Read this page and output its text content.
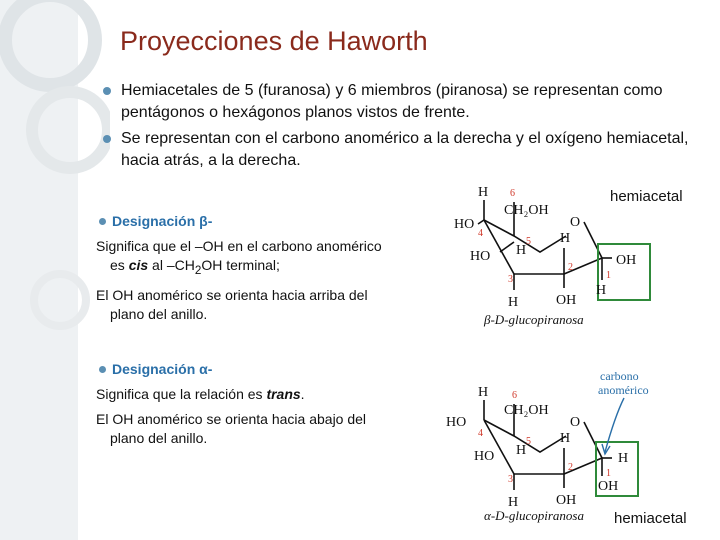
Proyecciones de Haworth
Hemiacetales de 5 (furanosa) y 6 miembros (piranosa) se representan como pentágonos o hexágonos planos vistos de frente.
Se representan con el carbono anomérico a la derecha y el oxígeno hemiacetal, hacia atrás, a la derecha.
Designación β-
Significa que el –OH en el carbono anomérico es cis al $-CH_2OH$ terminal;
El OH anomérico se orienta hacia arriba del plano del anillo.
Designación α-
Significa que la relación es trans.
El OH anomérico se orienta hacia abajo del plano del anillo.
hemiacetal
hemiacetal
H
CH₂OH
O
HO
H
H
HO
OH
H
OH
H
6
4
5
3
2
1
β-D-glucopiranosa
carbono
anomérico
H
CH₂OH
O
HO
H
H
HO
OH
H
H
OH
6
4
5
3
2
1
α-D-glucopiranosa
